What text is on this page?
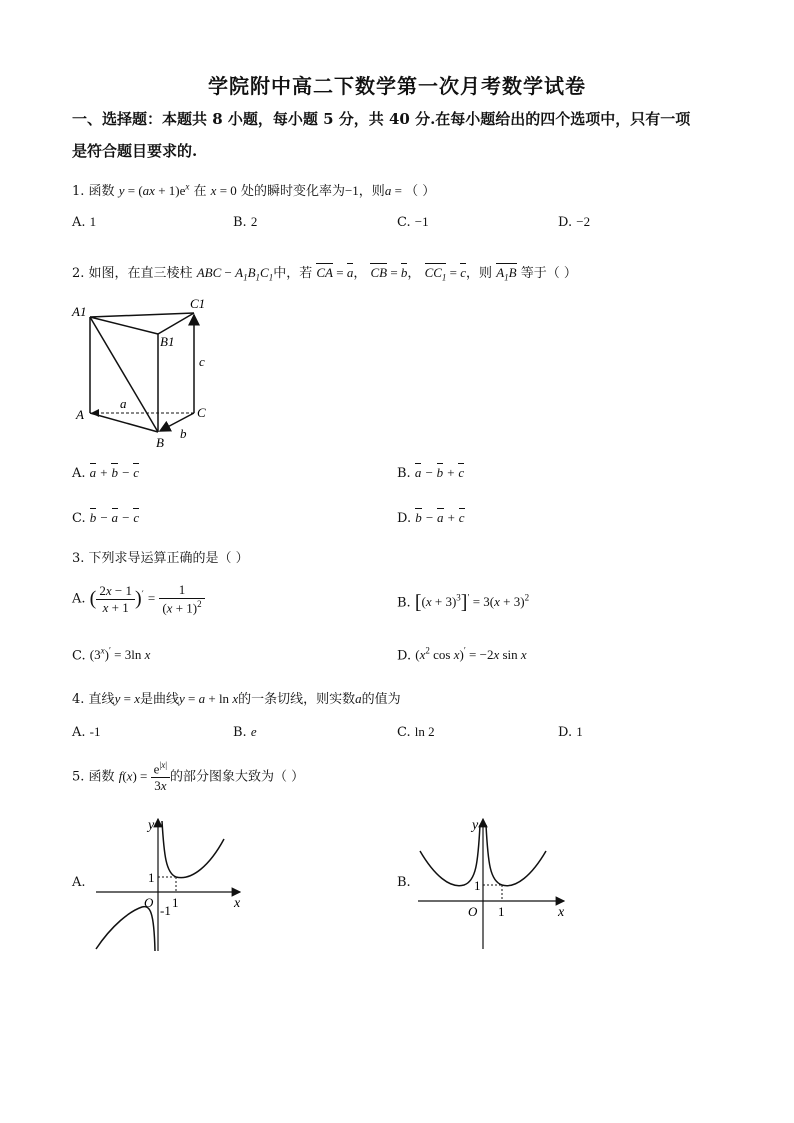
学院附中高二下数学第一次月考数学试卷
一、选择题：本题共 8 小题，每小题 5 分，共 40 分.在每小题给出的四个选项中，只有一项
是符合题目要求的.
1. 函数 $y = (ax + 1)e^x$ 在 x = 0 处的瞬时变化率为−1，则a = （ ）
A. 1	B. 2	C. −1	D. −2
2. 如图，在直三棱柱 ABC − $A_1B_1C_1$中，若 CA = a， CB = b， $CC_1 = c$，则 $A_1B$ 等于（ ）
A1
C1
B1
A	C
B
a
b
c
A. a + b − c	B. a − b + c
C. b − a − c	D. b − a + c
3. 下列求导运算正确的是（ ）
A. ( $\frac{2x - 1}{x + 1} )' = \frac{1}{(x + 1)^2}$	B. $[(x + 3)^3]' = 3(x + 3)^2$
C. $(3^x)' = 3\ln$ x	D. ($x^2$ cos x)′ = −2x sin x
4. 直线y = x是曲线y = a + ln x的一条切线，则实数a的值为
A. -1	B. e	C. ln 2	D. 1
5. 函数 $f(x) = \frac{e^{|x|}}{3x}$ 的部分图象大致为（ ）
A.
y
x
O
1
1
-1
B.
y
x
O
1
1
